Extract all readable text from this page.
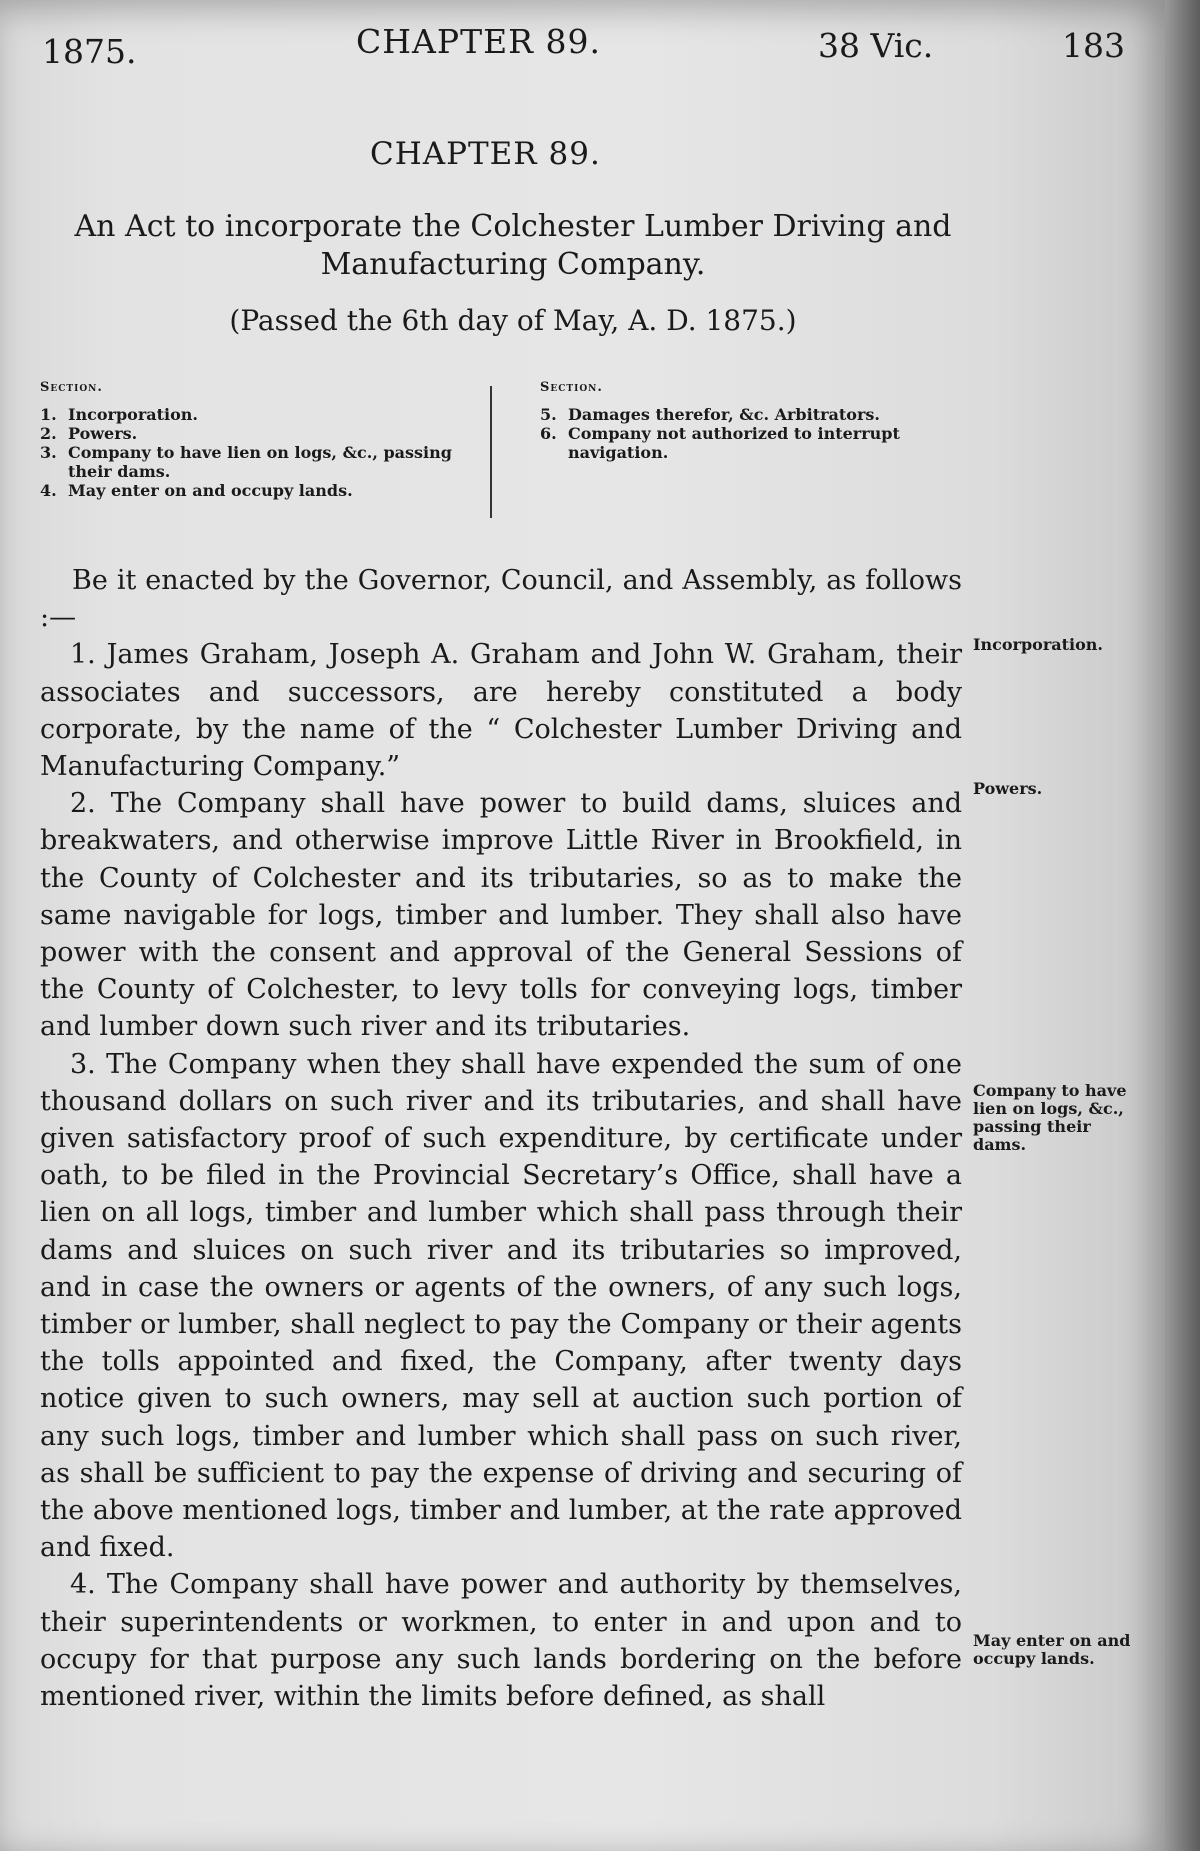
1875.	CHAPTER 89.	38 Vic.	183
CHAPTER 89.
An Act to incorporate the Colchester Lumber Driving and Manufacturing Company.
(Passed the 6th day of May, A. D. 1875.)
Section.
1. Incorporation.
2. Powers.
3. Company to have lien on logs, &c., passing their dams.
4. May enter on and occupy lands.
Section.
5. Damages therefor, &c. Arbitrators.
6. Company not authorized to interrupt navigation.

Be it enacted by the Governor, Council, and Assembly, as follows :—

1. James Graham, Joseph A. Graham and John W. Graham, their associates and successors, are hereby constituted a body corporate, by the name of the “ Colchester Lumber Driving and Manufacturing Company.”

2. The Company shall have power to build dams, sluices and breakwaters, and otherwise improve Little River in Brookfield, in the County of Colchester and its tributaries, so as to make the same navigable for logs, timber and lumber. They shall also have power with the consent and approval of the General Sessions of the County of Colchester, to levy tolls for conveying logs, timber and lumber down such river and its tributaries.

3. The Company when they shall have expended the sum of one thousand dollars on such river and its tributaries, and shall have given satisfactory proof of such expenditure, by certificate under oath, to be filed in the Provincial Secretary’s Office, shall have a lien on all logs, timber and lumber which shall pass through their dams and sluices on such river and its tributaries so improved, and in case the owners or agents of the owners, of any such logs, timber or lumber, shall neglect to pay the Company or their agents the tolls appointed and fixed, the Company, after twenty days notice given to such owners, may sell at auction such portion of any such logs, timber and lumber which shall pass on such river, as shall be sufficient to pay the expense of driving and securing of the above mentioned logs, timber and lumber, at the rate approved and fixed.

4. The Company shall have power and authority by themselves, their superintendents or workmen, to enter in and upon and to occupy for that purpose any such lands bordering on the before mentioned river, within the limits before defined, as shall

Incorporation.
Powers.
Company to have lien on logs, &c., passing their dams.
May enter on and occupy lands.
